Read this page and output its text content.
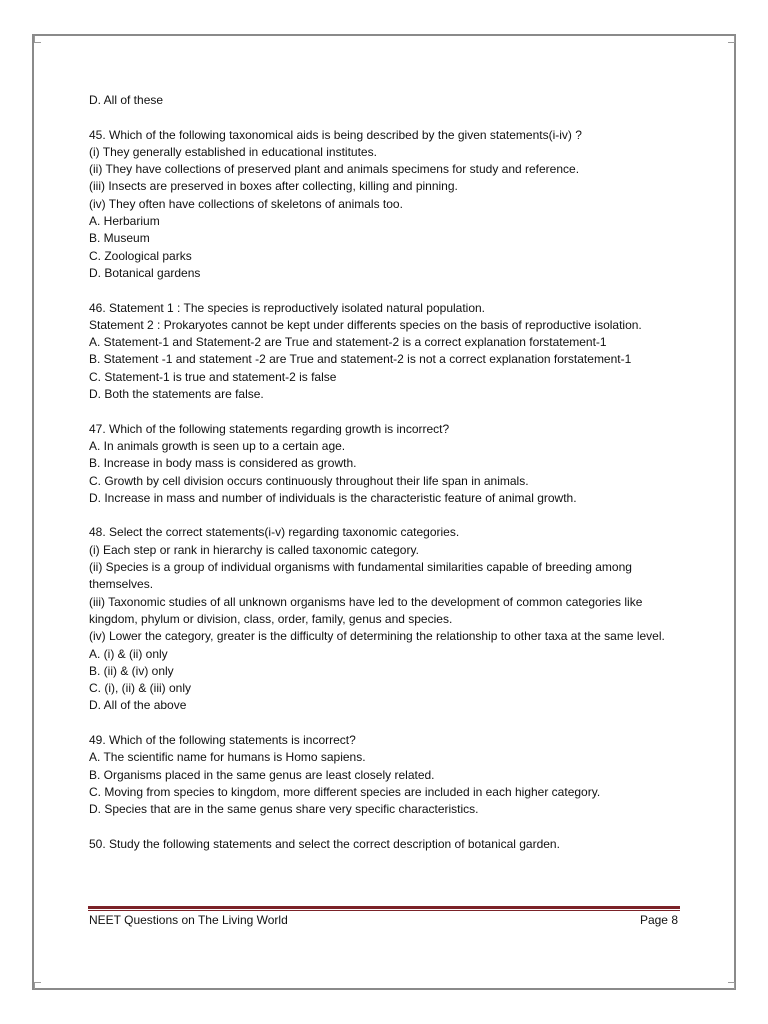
D. All of these
45. Which of the following taxonomical aids is being described by the given statements(i-iv) ?
(i) They generally established in educational institutes.
(ii) They have collections of preserved plant and animals specimens for study and reference.
(iii) Insects are preserved in boxes after collecting, killing and pinning.
(iv) They often have collections of skeletons of animals too.
A. Herbarium
B. Museum
C. Zoological parks
D. Botanical gardens
46. Statement 1 : The species is reproductively isolated natural population.
Statement 2 : Prokaryotes cannot be kept under differents species on the basis of reproductive isolation.
A. Statement-1 and Statement-2 are True and statement-2 is a correct explanation forstatement-1
B. Statement -1 and statement -2 are True and statement-2 is not a correct explanation forstatement-1
C. Statement-1 is true and statement-2 is false
D. Both the statements are false.
47. Which of the following statements regarding growth is incorrect?
A. In animals growth is seen up to a certain age.
B. Increase in body mass is considered as growth.
C. Growth by cell division occurs continuously throughout their life span in animals.
D. Increase in mass and number of individuals is the characteristic feature of animal growth.
48. Select the correct statements(i-v) regarding taxonomic categories.
(i) Each step or rank in hierarchy is called taxonomic category.
(ii) Species is a group of individual organisms with fundamental similarities capable of breeding among themselves.
(iii) Taxonomic studies of all unknown organisms have led to the development of common categories like kingdom, phylum or division, class, order, family, genus and species.
(iv) Lower the category, greater is the difficulty of determining the relationship to other taxa at the same level.
A. (i) & (ii) only
B. (ii) & (iv) only
C. (i), (ii) & (iii) only
D. All of the above
49. Which of the following statements is incorrect?
A. The scientific name for humans is Homo sapiens.
B. Organisms placed in the same genus are least closely related.
C. Moving from species to kingdom, more different species are included in each higher category.
D. Species that are in the same genus share very specific characteristics.
50. Study the following statements and select the correct description of botanical garden.
NEET Questions on The Living World	Page 8
